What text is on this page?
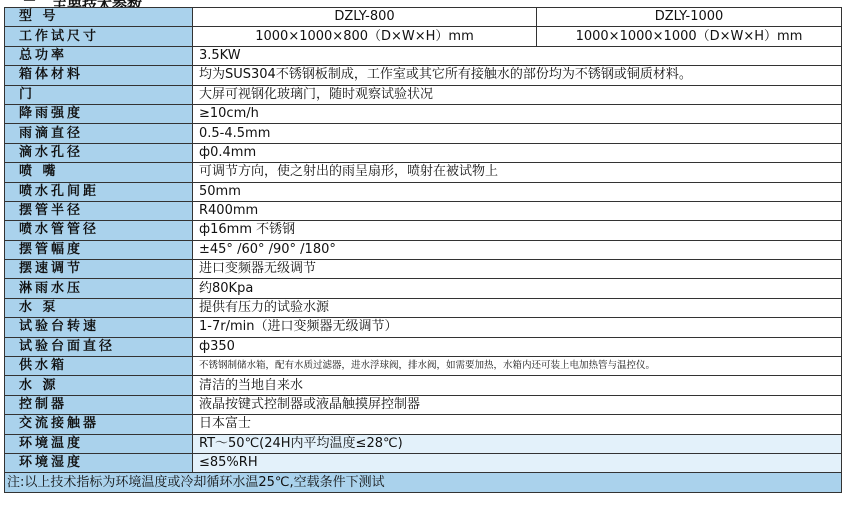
型 号	DZLY-800	DZLY-1000
工作试尺寸	1000×1000×800（D×W×H）mm	1000×1000×1000（D×W×H）mm
总功率	3.5KW	
箱体材料	均为SUS304不锈钢板制成，工作室或其它所有接触水的部份均为不锈钢或铜质材料。	
门	大屏可视钢化玻璃门，随时观察试验状况	
降雨强度	≥10cm/h	
雨滴直径	0.5-4.5mm	
滴水孔径	ф0.4mm	
喷 嘴	可调节方向，使之射出的雨呈扇形，喷射在被试物上	
喷水孔间距	50mm	
摆管半径	R400mm	
喷水管管径	ф16mm 不锈钢	
摆管幅度	±45° /60° /90° /180°	
摆速调节	进口变频器无级调节	
淋雨水压	约80Kpa	
水 泵	提供有压力的试验水源	
试验台转速	1-7r/min（进口变频器无级调节）	
试验台面直径	ф350	
供水箱	不锈钢制储水箱，配有水质过滤器，进水浮球阀，排水阀，如需要加热，水箱内还可装上电加热管与温控仪。	
水 源	清洁的当地自来水	
控制器	液晶按键式控制器或液晶触摸屏控制器	
交流接触器	日本富士	
环境温度	RT～50℃(24H内平均温度≤28℃)	
环境湿度	≤85%RH	
注:以上技术指标为环境温度或冷却循环水温25℃,空载条件下测试		
